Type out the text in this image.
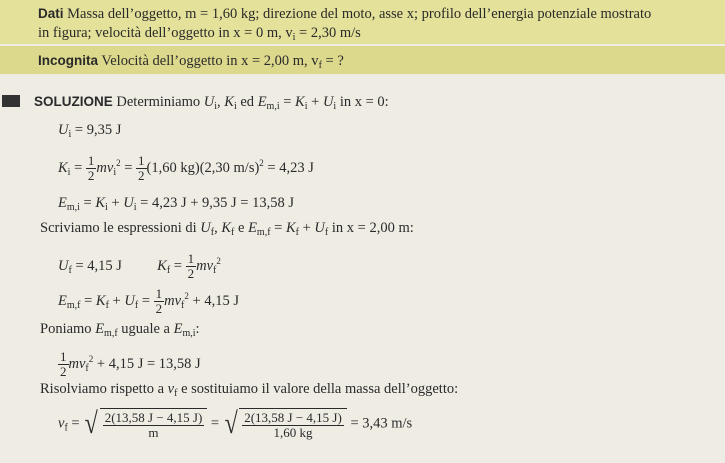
Dati Massa dell’oggetto, m = 1,60 kg; direzione del moto, asse x; profilo dell’energia potenziale mostrato
in figura; velocità dell’oggetto in x = 0 m, $v_i = 2,30$ m/s
Incognita Velocità dell’oggetto in x = 2,00 m, $v_f$ = ?
SOLUZIONE Determiniamo $U_i$, $K_i$ ed $E_{m,i} = K_i + U_i$ in x = 0:
$U_i = 9,35$ J
$K_i = \frac{1}{2} mv_i^2 = \frac{1}{2} (1,60$ kg)(2,30 m/s)$^2$ = 4,23 J
$E_{m,i} = K_i + U_i = 4,23$ J + 9,35 J = 13,58 J
Scriviamo le espressioni di $U_f$, $K_f$ e $E_{m,f} = K_f + U_f$ in x = 2,00 m:
$U_f = 4,15$ J $K_f = \frac{1}{2} mv_f^2$
$E_{m,f} = K_f + U_f = \frac{1}{2} mv_f^2 + 4,15$ J
Poniamo $E_{m,f}$ uguale a $E_{m,i}$:
$\frac{1}{2} mv_f^2 + 4,15$ J = 13,58 J
Risolviamo rispetto a $v_f$ e sostituiamo il valore della massa dell’oggetto:
$v_f$ = √ $\frac{2(13,58 J - 4,15 J)}{m}$ = √ $\frac{2(13,58 J - 4,15 J)}{1,60 kg} = 3,43$ m/s
